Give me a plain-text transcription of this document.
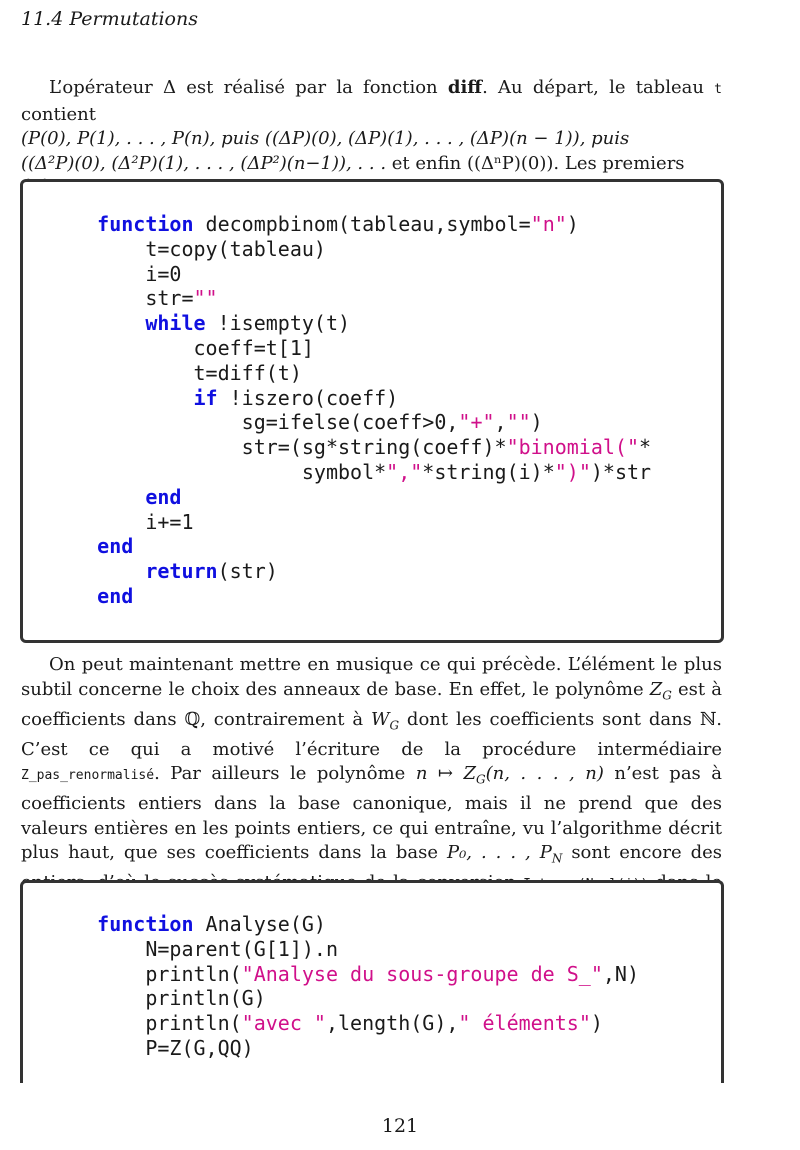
11.4 Permutations

L’opérateur Δ est réalisé par la fonction diff. Au départ, le tableau t contient

(P(0), P(1), . . . , P(n), puis ((ΔP)(0), (ΔP)(1), . . . , (ΔP)(n − 1)), puis
((Δ²P)(0), (Δ²P)(1), . . . , (ΔP²)(n−1)), . . . et enfin ((ΔⁿP)(0)). Les premiers
function decompbinom(tableau,symbol="n")
t=copy(tableau)
i=0
str=""
while !isempty(t)
coeff=t[1]
t=diff(t)
if !iszero(coeff)
sg=ifelse(coeff>0,"+","")
str=(sg*string(coeff)*"binomial("*
symbol*","*string(i)*")")*str
end
i+=1
end
return(str)
end

On peut maintenant mettre en musique ce qui précède. L’élément le plus subtil concerne le choix des anneaux de base. En effet, le polynôme $Z_G$ est à coefficients dans ℚ, contrairement à $W_G$ dont les coefficients sont dans ℕ. C’est ce qui a motivé l’écriture de la procédure intermédiaire Z_pas_renormalisé. Par ailleurs le polynôme n ↦ $Z_G(n$, . . . , n) n’est pas à coefficients entiers dans la base canonique, mais il ne prend que des valeurs entières en les points entiers, ce qui entraîne, vu l’algorithme décrit plus haut, que ses coefficients dans la base P₀, . . . , $P_N$ sont encore des

function Analyse(G)
N=parent(G[1]).n
println("Analyse du sous-groupe de S_",N)
println(G)
println("avec ",length(G)," éléments")
P=Z(G,QQ)
121
